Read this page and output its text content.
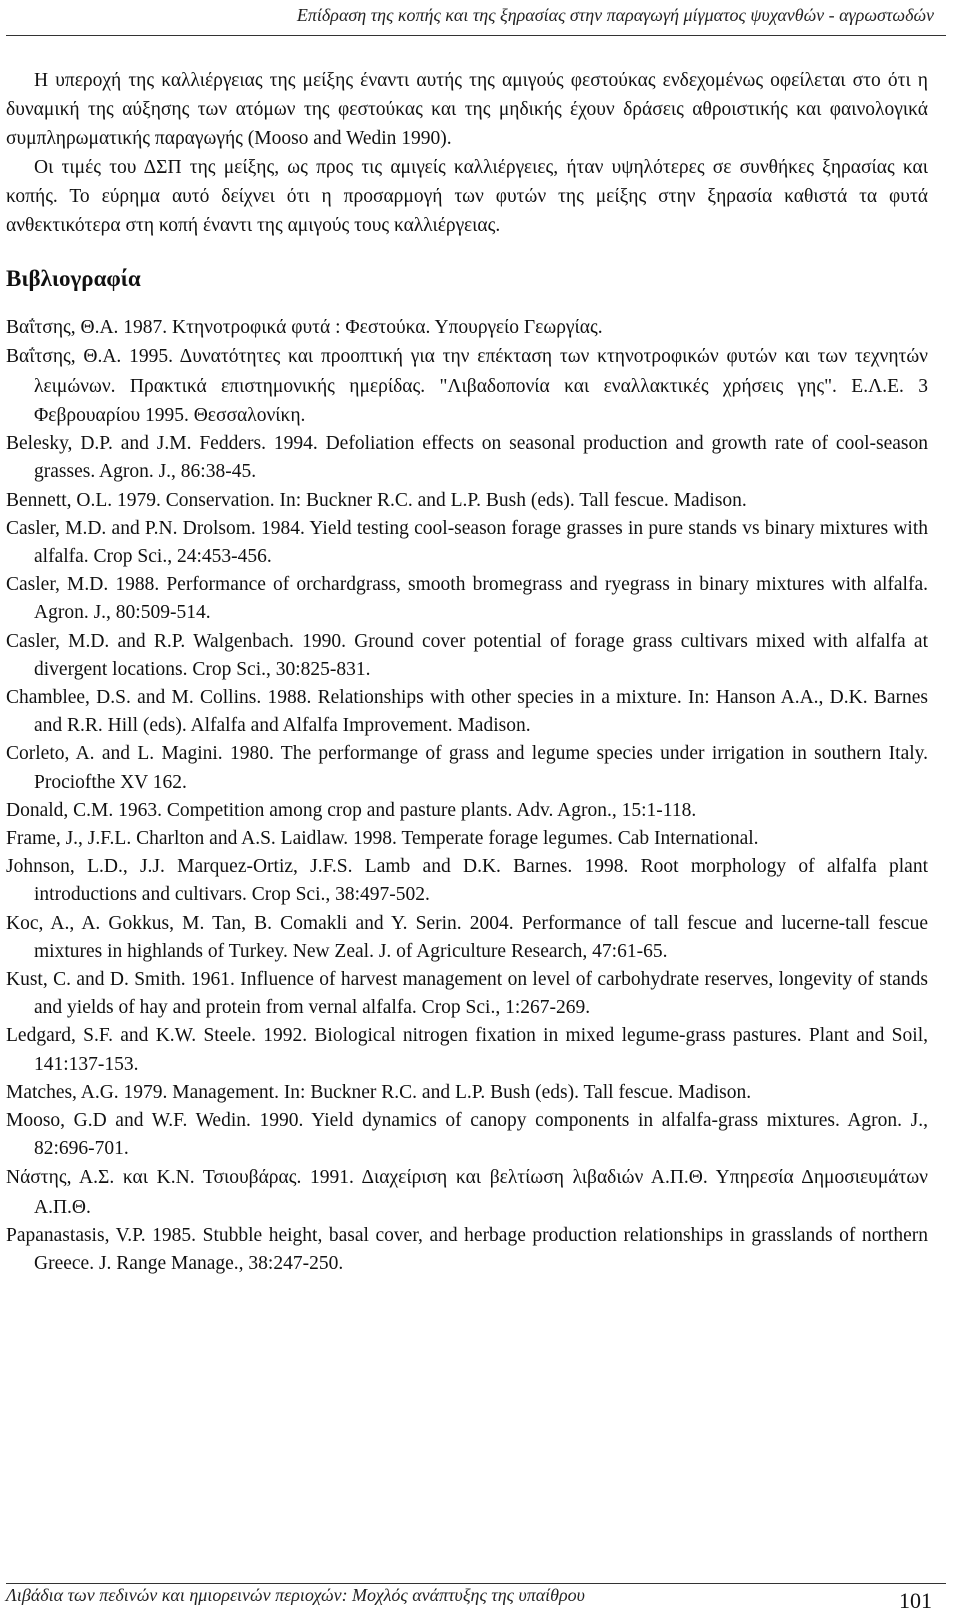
Επίδραση της κοπής και της ξηρασίας στην παραγωγή μίγματος ψυχανθών - αγρωστωδών

Η υπεροχή της καλλιέργειας της μείξης έναντι αυτής της αμιγούς φεστούκας ενδεχομένως οφείλεται στο ότι η δυναμική της αύξησης των ατόμων της φεστούκας και της μηδικής έχουν δράσεις αθροιστικής και φαινολογικά συμπληρωματικής παραγωγής (Mooso and Wedin 1990).

Οι τιμές του ΔΣΠ της μείξης, ως προς τις αμιγείς καλλιέργειες, ήταν υψηλότερες σε συνθήκες ξηρασίας και κοπής. Το εύρημα αυτό δείχνει ότι η προσαρμογή των φυτών της μείξης στην ξηρασία καθιστά τα φυτά ανθεκτικότερα στη κοπή έναντι της αμιγούς τους καλλιέργειας.

Βιβλιογραφία

Βαΐτσης, Θ.Α. 1987. Κτηνοτροφικά φυτά : Φεστούκα. Υπουργείο Γεωργίας.

Βαΐτσης, Θ.Α. 1995. Δυνατότητες και προοπτική για την επέκταση των κτηνοτροφικών φυτών και των τεχνητών λειμώνων. Πρακτικά επιστημονικής ημερίδας. "Λιβαδοπονία και εναλλακτικές χρήσεις γης". Ε.Λ.Ε. 3 Φεβρουαρίου 1995. Θεσσαλονίκη.

Belesky, D.P. and J.M. Fedders. 1994. Defoliation effects on seasonal production and growth rate of cool-season grasses. Agron. J., 86:38-45.

Bennett, O.L. 1979. Conservation. In: Buckner R.C. and L.P. Bush (eds). Tall fescue. Madison.

Casler, M.D. and P.N. Drolsom. 1984. Yield testing cool-season forage grasses in pure stands vs binary mixtures with alfalfa. Crop Sci., 24:453-456.

Casler, M.D. 1988. Performance of orchardgrass, smooth bromegrass and ryegrass in binary mixtures with alfalfa. Agron. J., 80:509-514.

Casler, M.D. and R.P. Walgenbach. 1990. Ground cover potential of forage grass cultivars mixed with alfalfa at divergent locations. Crop Sci., 30:825-831.

Chamblee, D.S. and M. Collins. 1988. Relationships with other species in a mixture. In: Hanson A.A., D.K. Barnes and R.R. Hill (eds). Alfalfa and Alfalfa Improvement. Madison.

Corleto, A. and L. Magini. 1980. The performange of grass and legume species under irrigation in southern Italy. Prociofthe XV 162.

Donald, C.M. 1963. Competition among crop and pasture plants. Adv. Agron., 15:1-118.

Frame, J., J.F.L. Charlton and A.S. Laidlaw. 1998. Temperate forage legumes. Cab International.

Johnson, L.D., J.J. Marquez-Ortiz, J.F.S. Lamb and D.K. Barnes. 1998. Root morphology of alfalfa plant introductions and cultivars. Crop Sci., 38:497-502.

Koc, A., A. Gokkus, M. Tan, B. Comakli and Y. Serin. 2004. Performance of tall fescue and lucerne-tall fescue mixtures in highlands of Turkey. New Zeal. J. of Agriculture Research, 47:61-65.

Kust, C. and D. Smith. 1961. Influence of harvest management on level of carbohydrate reserves, longevity of stands and yields of hay and protein from vernal alfalfa. Crop Sci., 1:267-269.

Ledgard, S.F. and K.W. Steele. 1992. Biological nitrogen fixation in mixed legume-grass pastures. Plant and Soil, 141:137-153.

Matches, A.G. 1979. Management. In: Buckner R.C. and L.P. Bush (eds). Tall fescue. Madison.

Mooso, G.D and W.F. Wedin. 1990. Yield dynamics of canopy components in alfalfa-grass mixtures. Agron. J., 82:696-701.

Νάστης, Α.Σ. και Κ.Ν. Τσιουβάρας. 1991. Διαχείριση και βελτίωση λιβαδιών Α.Π.Θ. Υπηρεσία Δημοσιευμάτων Α.Π.Θ.

Papanastasis, V.P. 1985. Stubble height, basal cover, and herbage production relationships in grasslands of northern Greece. J. Range Manage., 38:247-250.

Λιβάδια των πεδινών και ημιορεινών περιοχών: Μοχλός ανάπτυξης της υπαίθρου	101
